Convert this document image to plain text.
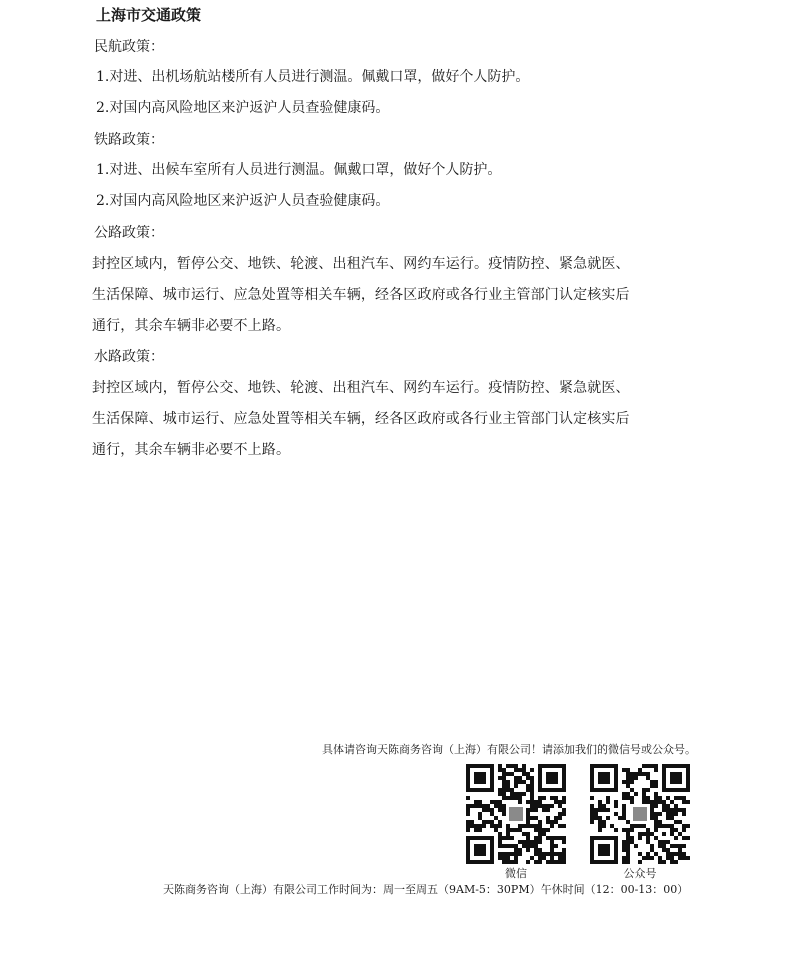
上海市交通政策
民航政策：
1.对进、出机场航站楼所有人员进行测温。佩戴口罩，做好个人防护。
2.对国内高风险地区来沪返沪人员查验健康码。
铁路政策：
1.对进、出候车室所有人员进行测温。佩戴口罩，做好个人防护。
2.对国内高风险地区来沪返沪人员查验健康码。
公路政策：
封控区域内，暂停公交、地铁、轮渡、出租汽车、网约车运行。疫情防控、紧急就医、
生活保障、城市运行、应急处置等相关车辆，经各区政府或各行业主管部门认定核实后
通行，其余车辆非必要不上路。
水路政策：
封控区域内，暂停公交、地铁、轮渡、出租汽车、网约车运行。疫情防控、紧急就医、
生活保障、城市运行、应急处置等相关车辆，经各区政府或各行业主管部门认定核实后
通行，其余车辆非必要不上路。
具体请咨询天陈商务咨询（上海）有限公司！请添加我们的微信号或公众号。
微信	公众号
天陈商务咨询（上海）有限公司工作时间为：周一至周五（9AM-5：30PM）午休时间（12：00-13：00）
